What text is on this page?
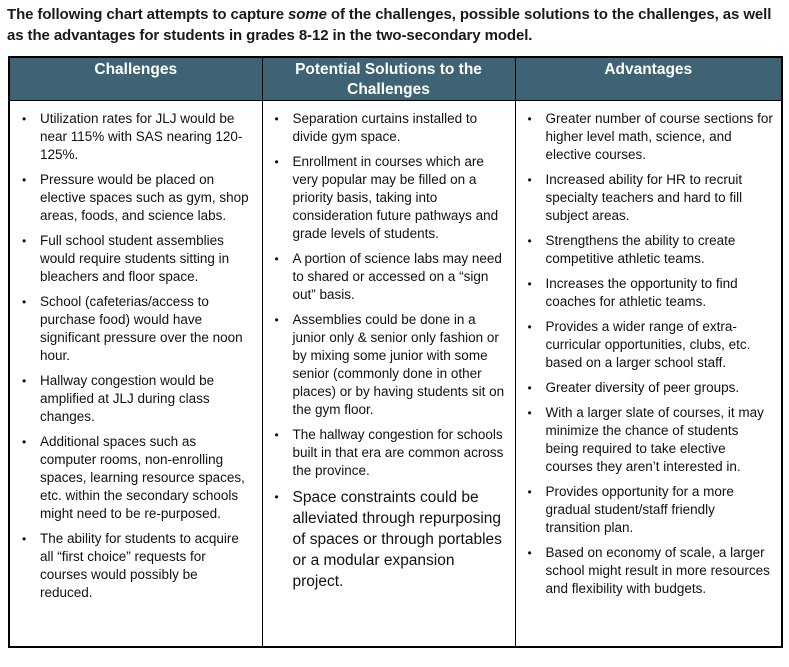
The following chart attempts to capture some of the challenges, possible solutions to the challenges, as well as the advantages for students in grades 8-12 in the two-secondary model.

Challenges	Potential Solutions to the Challenges	Advantages

•	Utilization rates for JLJ would be near 115% with SAS nearing 120-125%.
•	Pressure would be placed on elective spaces such as gym, shop areas, foods, and science labs.
•	Full school student assemblies would require students sitting in bleachers and floor space.
•	School (cafeterias/access to purchase food) would have significant pressure over the noon hour.
•	Hallway congestion would be amplified at JLJ during class changes.
•	Additional spaces such as computer rooms, non-enrolling spaces, learning resource spaces, etc. within the secondary schools might need to be re-purposed.
•	The ability for students to acquire all “first choice” requests for courses would possibly be reduced.

•	Separation curtains installed to divide gym space.
•	Enrollment in courses which are very popular may be filled on a priority basis, taking into consideration future pathways and grade levels of students.
•	A portion of science labs may need to shared or accessed on a “sign out” basis.
•	Assemblies could be done in a junior only & senior only fashion or by mixing some junior with some senior (commonly done in other places) or by having students sit on the gym floor.
•	The hallway congestion for schools built in that era are common across the province.
• Space constraints could be alleviated through repurposing of spaces or through portables or a modular expansion project.

•	Greater number of course sections for higher level math, science, and elective courses.
•	Increased ability for HR to recruit specialty teachers and hard to fill subject areas.
•	Strengthens the ability to create competitive athletic teams.
•	Increases the opportunity to find coaches for athletic teams.
•	Provides a wider range of extra-curricular opportunities, clubs, etc. based on a larger school staff.
•	Greater diversity of peer groups.
•	With a larger slate of courses, it may minimize the chance of students being required to take elective courses they aren’t interested in.
•	Provides opportunity for a more gradual student/staff friendly transition plan.
•	Based on economy of scale, a larger school might result in more resources and flexibility with budgets.
